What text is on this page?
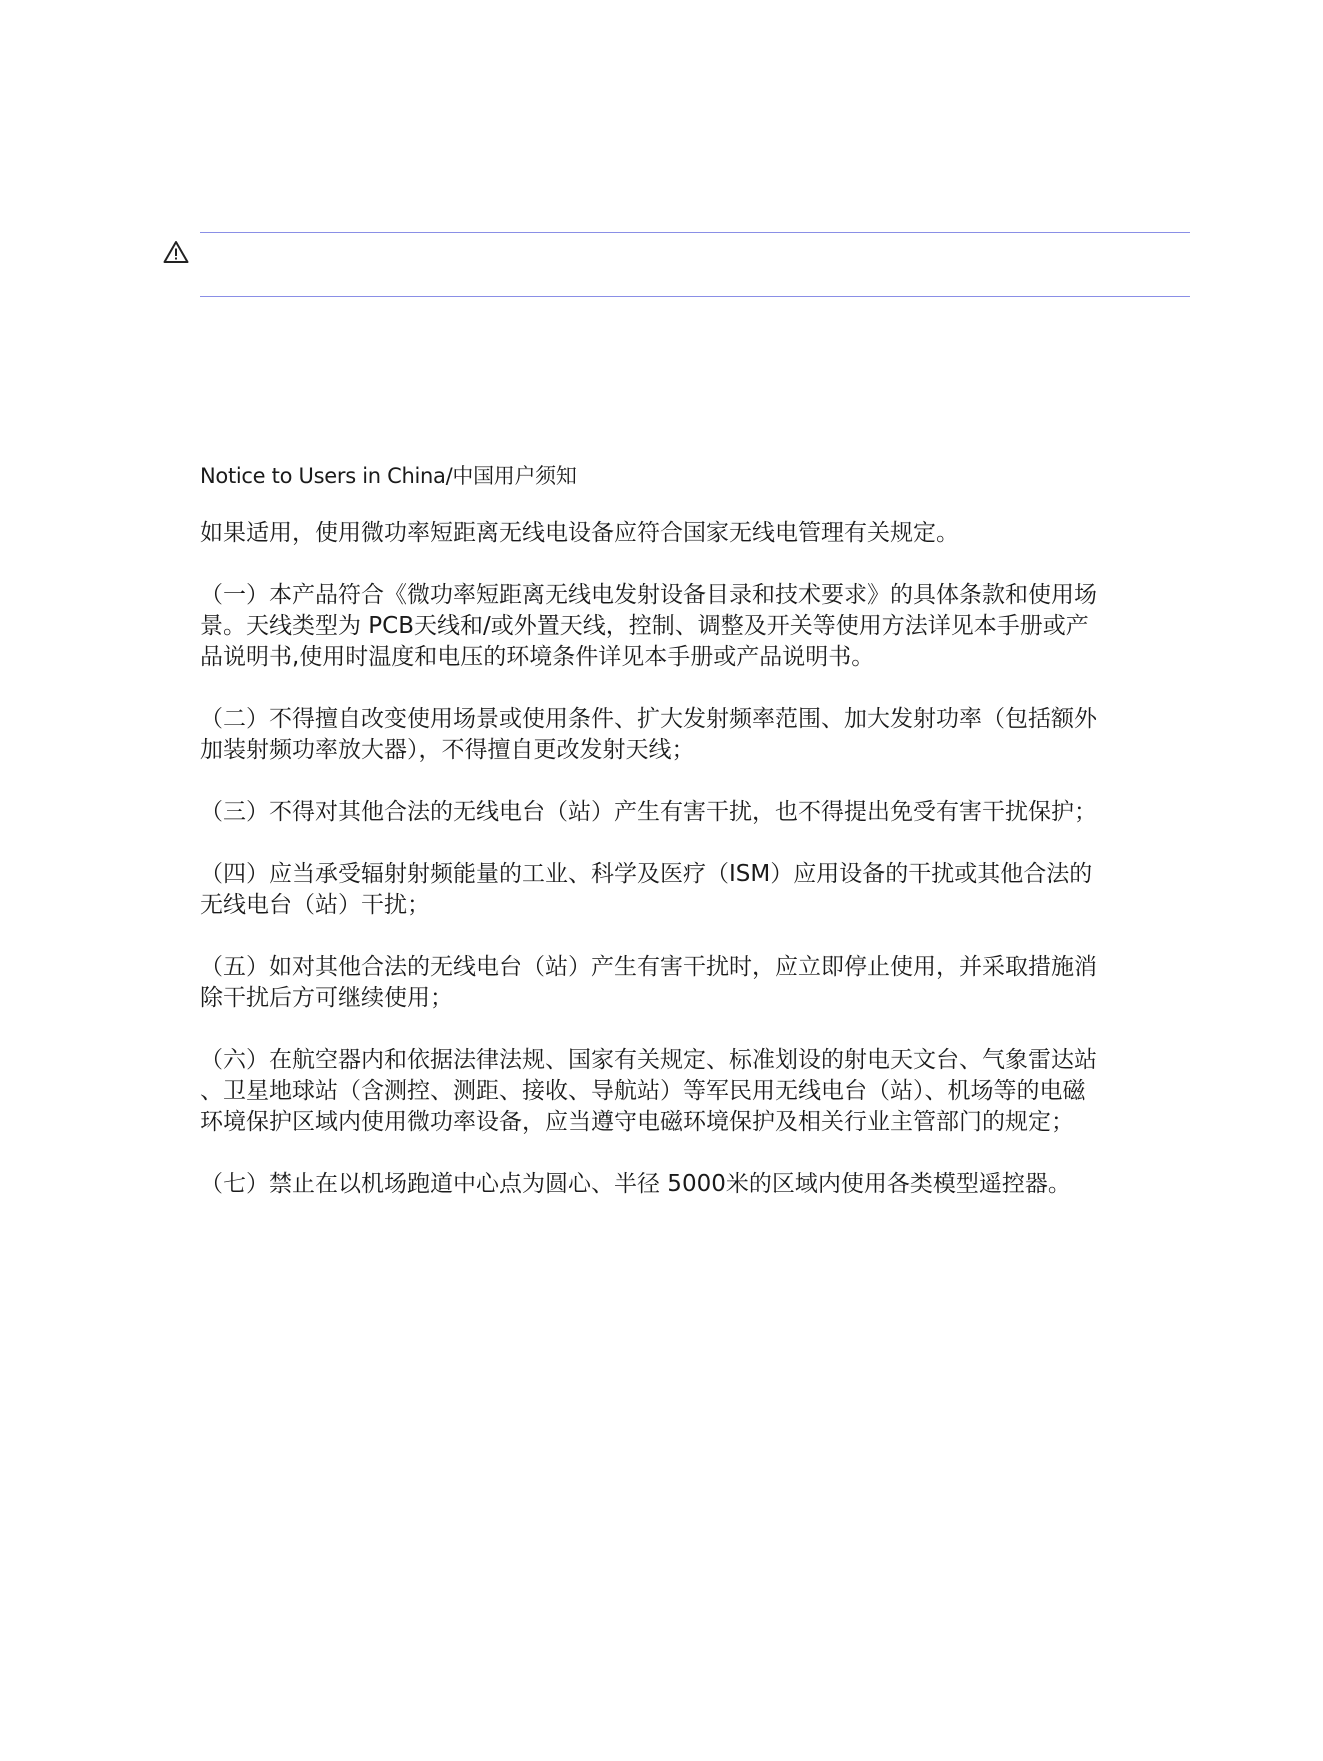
Notice to Users in China/中国用户须知

如果适用，使用微功率短距离无线电设备应符合国家无线电管理有关规定。

（一）本产品符合《微功率短距离无线电发射设备目录和技术要求》的具体条款和使用场
景。天线类型为 PCB天线和/或外置天线，控制、调整及开关等使用方法详见本手册或产
品说明书,使用时温度和电压的环境条件详见本手册或产品说明书。

（二）不得擅自改变使用场景或使用条件、扩大发射频率范围、加大发射功率（包括额外
加装射频功率放大器），不得擅自更改发射天线；

（三）不得对其他合法的无线电台（站）产生有害干扰，也不得提出免受有害干扰保护；

（四）应当承受辐射射频能量的工业、科学及医疗（ISM）应用设备的干扰或其他合法的
无线电台（站）干扰；

（五）如对其他合法的无线电台（站）产生有害干扰时，应立即停止使用，并采取措施消
除干扰后方可继续使用；

（六）在航空器内和依据法律法规、国家有关规定、标准划设的射电天文台、气象雷达站
、卫星地球站（含测控、测距、接收、导航站）等军民用无线电台（站）、机场等的电磁
环境保护区域内使用微功率设备，应当遵守电磁环境保护及相关行业主管部门的规定；

（七）禁止在以机场跑道中心点为圆心、半径 5000米的区域内使用各类模型遥控器。
